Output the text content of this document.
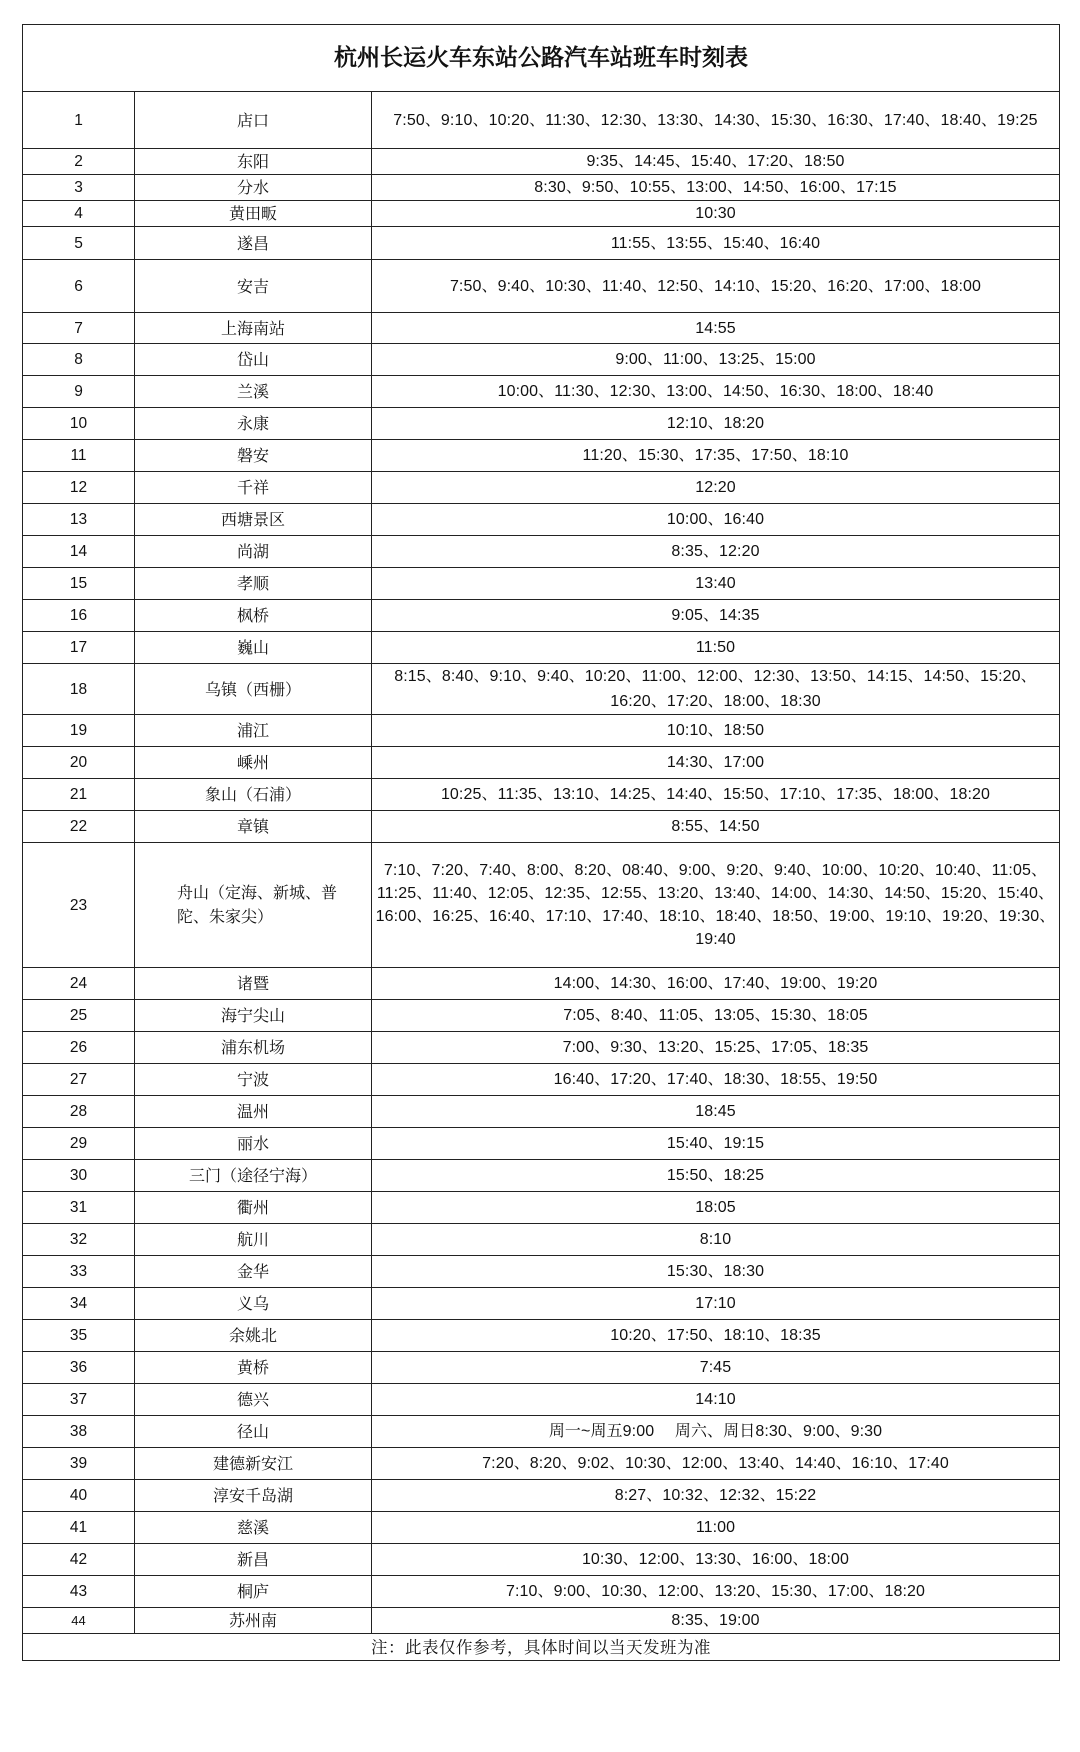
杭州长运火车东站公路汽车站班车时刻表		
1	店口	7:50、9:10、10:20、11:30、12:30、13:30、14:30、15:30、16:30、17:40、18:40、19:25
2	东阳	9:35、14:45、15:40、17:20、18:50
3	分水	8:30、9:50、10:55、13:00、14:50、16:00、17:15
4	黄田畈	10:30
5	遂昌	11:55、13:55、15:40、16:40
6	安吉	7:50、9:40、10:30、11:40、12:50、14:10、15:20、16:20、17:00、18:00
7	上海南站	14:55
8	岱山	9:00、11:00、13:25、15:00
9	兰溪	10:00、11:30、12:30、13:00、14:50、16:30、18:00、18:40
10	永康	12:10、18:20
11	磐安	11:20、15:30、17:35、17:50、18:10
12	千祥	12:20
13	西塘景区	10:00、16:40
14	尚湖	8:35、12:20
15	孝顺	13:40
16	枫桥	9:05、14:35
17	巍山	11:50
18	乌镇（西栅）	8:15、8:40、9:10、9:40、10:20、11:00、12:00、12:30、13:50、14:15、14:50、15:20、16:20、17:20、18:00、18:30
19	浦江	10:10、18:50
20	嵊州	14:30、17:00
21	象山（石浦）	10:25、11:35、13:10、14:25、14:40、15:50、17:10、17:35、18:00、18:20
22	章镇	8:55、14:50
23	舟山（定海、新城、普陀、朱家尖）	7:10、7:20、7:40、8:00、8:20、08:40、9:00、9:20、9:40、10:00、10:20、10:40、11:05、11:25、11:40、12:05、12:35、12:55、13:20、13:40、14:00、14:30、14:50、15:20、15:40、16:00、16:25、16:40、17:10、17:40、18:10、18:40、18:50、19:00、19:10、19:20、19:30、19:40
24	诸暨	14:00、14:30、16:00、17:40、19:00、19:20
25	海宁尖山	7:05、8:40、11:05、13:05、15:30、18:05
26	浦东机场	7:00、9:30、13:20、15:25、17:05、18:35
27	宁波	16:40、17:20、17:40、18:30、18:55、19:50
28	温州	18:45
29	丽水	15:40、19:15
30	三门（途径宁海）	15:50、18:25
31	衢州	18:05
32	航川	8:10
33	金华	15:30、18:30
34	义乌	17:10
35	余姚北	10:20、17:50、18:10、18:35
36	黄桥	7:45
37	德兴	14:10
38	径山	周一~周五9:00　 周六、周日8:30、9:00、9:30
39	建德新安江	7:20、8:20、9:02、10:30、12:00、13:40、14:40、16:10、17:40
40	淳安千岛湖	8:27、10:32、12:32、15:22
41	慈溪	11:00
42	新昌	10:30、12:00、13:30、16:00、18:00
43	桐庐	7:10、9:00、10:30、12:00、13:20、15:30、17:00、18:20
44	苏州南	8:35、19:00
注：此表仅作参考，具体时间以当天发班为准		
